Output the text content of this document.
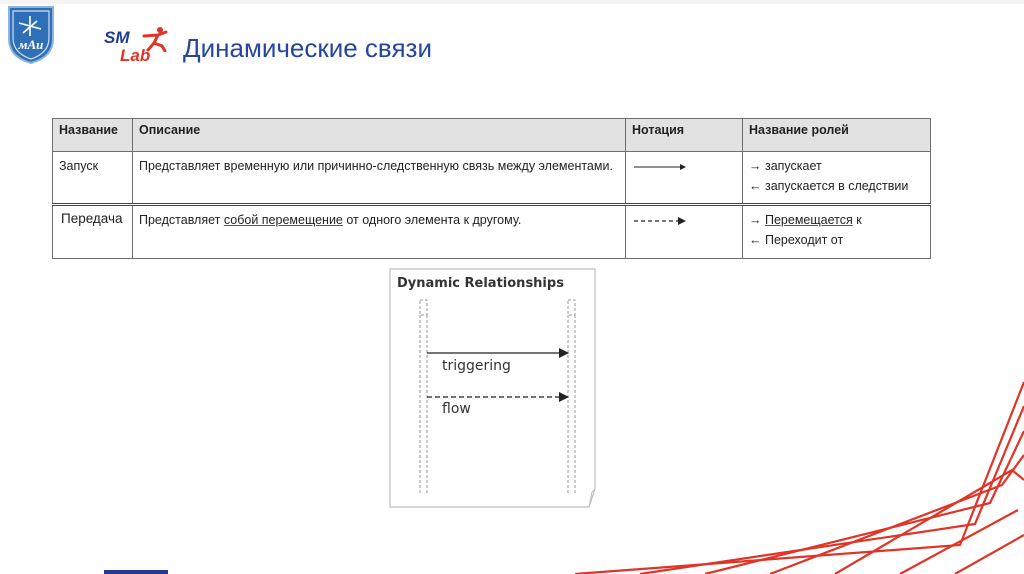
мАи	SM
Lab Динамические связи
Название	Описание	Нотация	Название ролей
Запуск	Представляет временную или причинно-следственную связь между элементами.		→ запускает
← запускается в следствии

Передача	Представляет собой перемещение от одного элемента к другому.		→ Перемещается к
← Переходит от
Dynamic Relationships
triggering
flow
